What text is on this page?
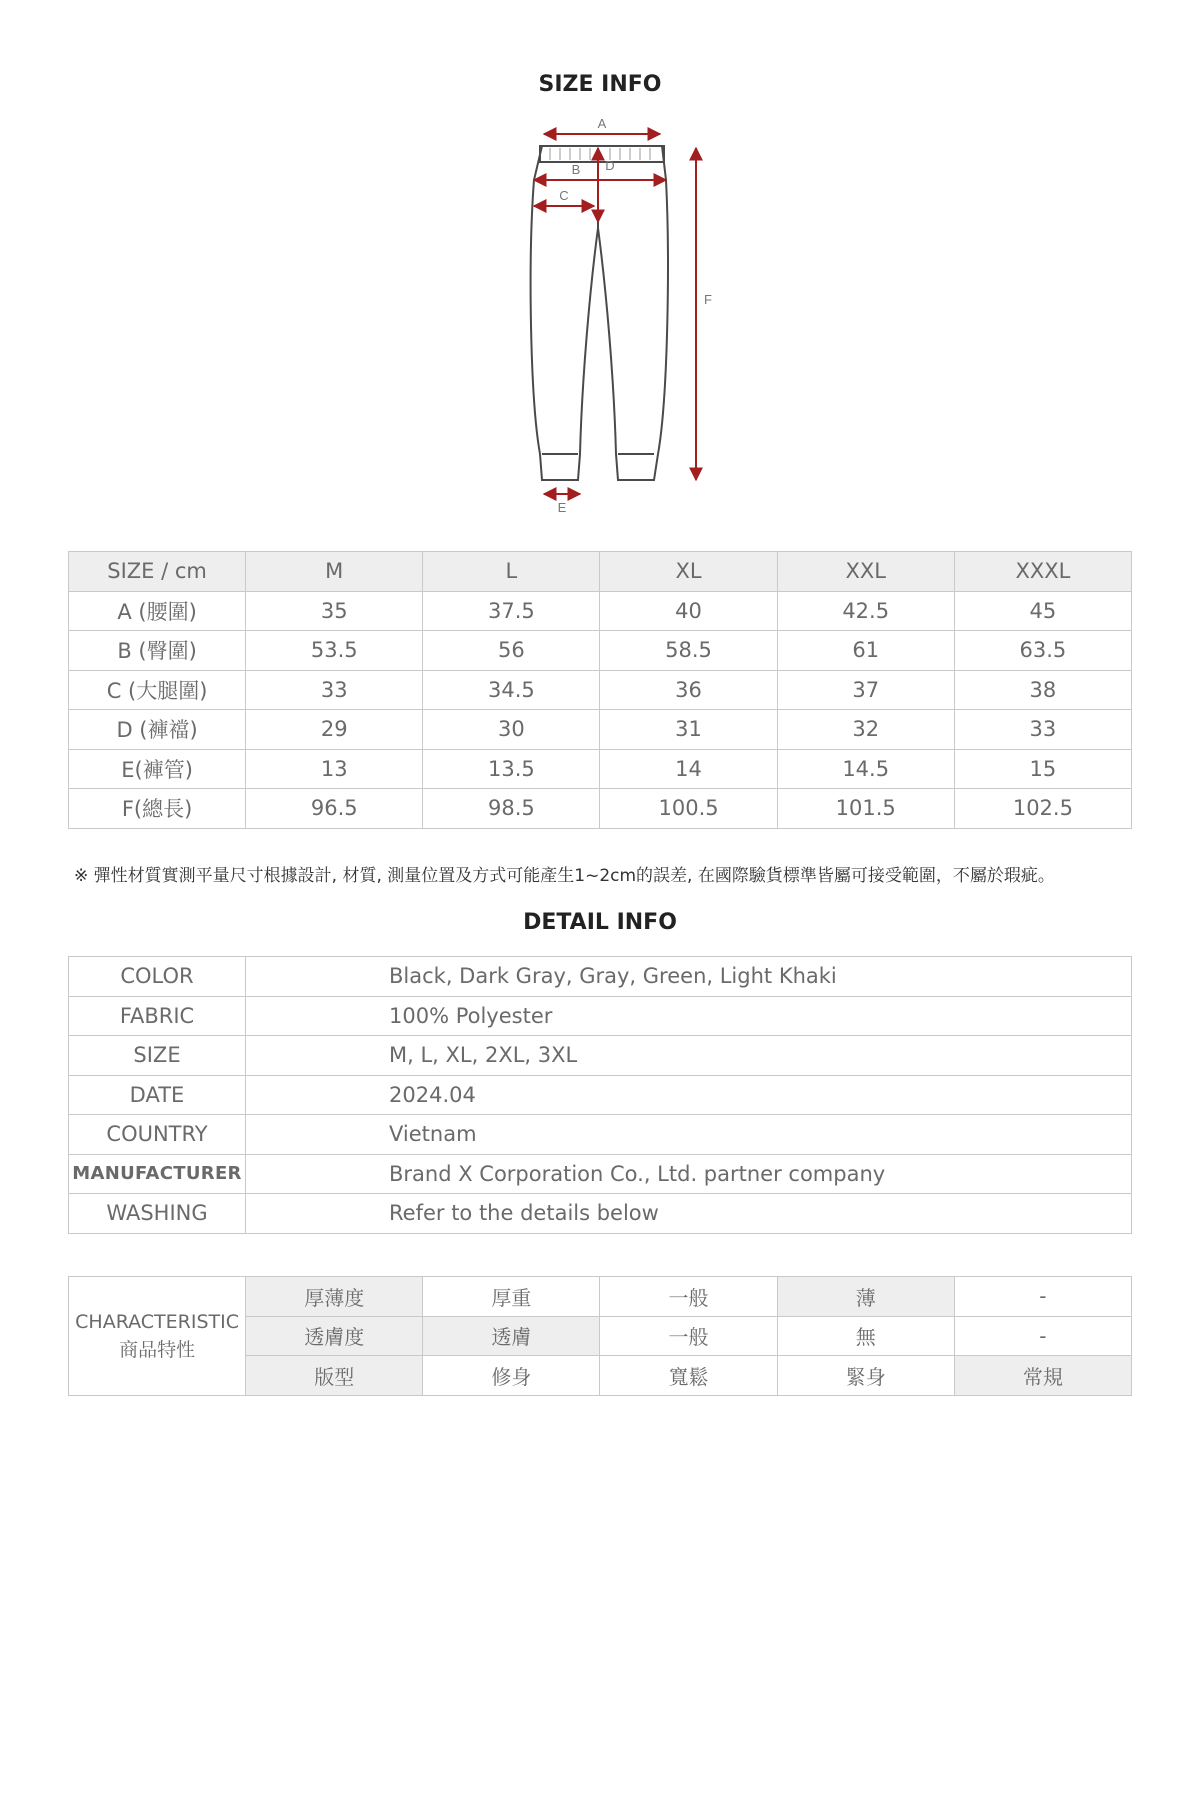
SIZE INFO
A
B
C
D
E
F
SIZE / cm	M	L	XL	XXL	XXXL
A (腰圍)	35	37.5	40	42.5	45
B (臀圍)	53.5	56	58.5	61	63.5
C (大腿圍)	33	34.5	36	37	38
D (褲襠)	29	30	31	32	33
E(褲管)	13	13.5	14	14.5	15
F(總長)	96.5	98.5	100.5	101.5	102.5
※ 彈性材質實測平量尺寸根據設計, 材質, 測量位置及方式可能產生1~2cm的誤差, 在國際驗貨標準皆屬可接受範圍，不屬於瑕疵。
DETAIL INFO
COLOR	Black, Dark Gray, Gray, Green, Light Khaki
FABRIC	100% Polyester
SIZE	M, L, XL, 2XL, 3XL
DATE	2024.04
COUNTRY	Vietnam
MANUFACTURER	Brand X Corporation Co., Ltd. partner company
WASHING	Refer to the details below
CHARACTERISTIC
商品特性	厚薄度	厚重	一般	薄	-
	透膚度	透膚	一般	無	-
	版型	修身	寬鬆	緊身	常規
